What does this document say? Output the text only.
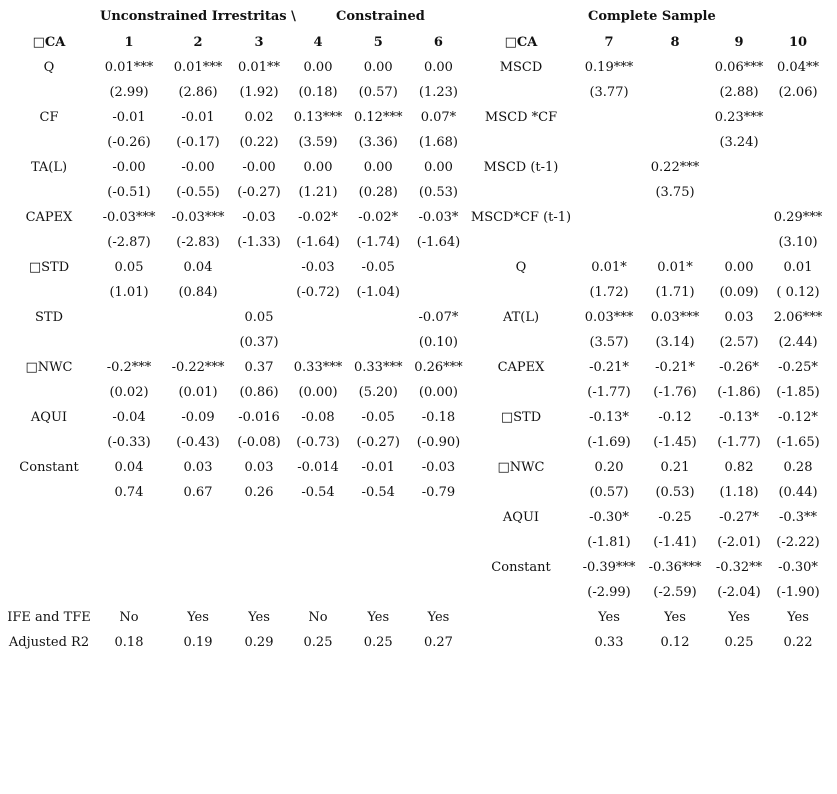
Unconstrained Irrestritas \	Constrained	Complete Sample
□CA	1	2	3	4	5	6
Q	0.01***	0.01***	0.01**	0.00	0.00	0.00
	(2.99)	(2.86)	(1.92)	(0.18)	(0.57)	(1.23)
CF	-0.01	-0.01	0.02	0.13***	0.12***	0.07*
	(-0.26)	(-0.17)	(0.22)	(3.59)	(3.36)	(1.68)
TA(L)	-0.00	-0.00	-0.00	0.00	0.00	0.00
	(-0.51)	(-0.55)	(-0.27)	(1.21)	(0.28)	(0.53)
CAPEX	-0.03***	-0.03***	-0.03	-0.02*	-0.02*	-0.03*
	(-2.87)	(-2.83)	(-1.33)	(-1.64)	(-1.74)	(-1.64)
□STD	0.05	0.04		-0.03	-0.05	
	(1.01)	(0.84)		(-0.72)	(-1.04)	
STD			0.05			-0.07*
			(0.37)			(0.10)
□NWC	-0.2***	-0.22***	0.37	0.33***	0.33***	0.26***
	(0.02)	(0.01)	(0.86)	(0.00)	(5.20)	(0.00)
AQUI	-0.04	-0.09	-0.016	-0.08	-0.05	-0.18
	(-0.33)	(-0.43)	(-0.08)	(-0.73)	(-0.27)	(-0.90)
Constant	0.04	0.03	0.03	-0.014	-0.01	-0.03
	0.74	0.67	0.26	-0.54	-0.54	-0.79

IFE and TFE	No	Yes	Yes	No	Yes	Yes
Adjusted R2	0.18	0.19	0.29	0.25	0.25	0.27
□CA	7	8	9	10
MSCD	0.19***		0.06***	0.04**
	(3.77)		(2.88)	(2.06)
MSCD *CF			0.23***	
			(3.24)	
MSCD (t-1)		0.22***		
		(3.75)		
MSCD*CF (t-1)				0.29***
				(3.10)
Q	0.01*	0.01*	0.00	0.01
	(1.72)	(1.71)	(0.09)	( 0.12)
AT(L)	0.03***	0.03***	0.03	2.06***
	(3.57)	(3.14)	(2.57)	(2.44)
CAPEX	-0.21*	-0.21*	-0.26*	-0.25*
	(-1.77)	(-1.76)	(-1.86)	(-1.85)
□STD	-0.13*	-0.12	-0.13*	-0.12*
	(-1.69)	(-1.45)	(-1.77)	(-1.65)
□NWC	0.20	0.21	0.82	0.28
	(0.57)	(0.53)	(1.18)	(0.44)
AQUI	-0.30*	-0.25	-0.27*	-0.3**
	(-1.81)	(-1.41)	(-2.01)	(-2.22)
Constant	-0.39***	-0.36***	-0.32**	-0.30*
	(-2.99)	(-2.59)	(-2.04)	(-1.90)
	Yes	Yes	Yes	Yes
	0.33	0.12	0.25	0.22
